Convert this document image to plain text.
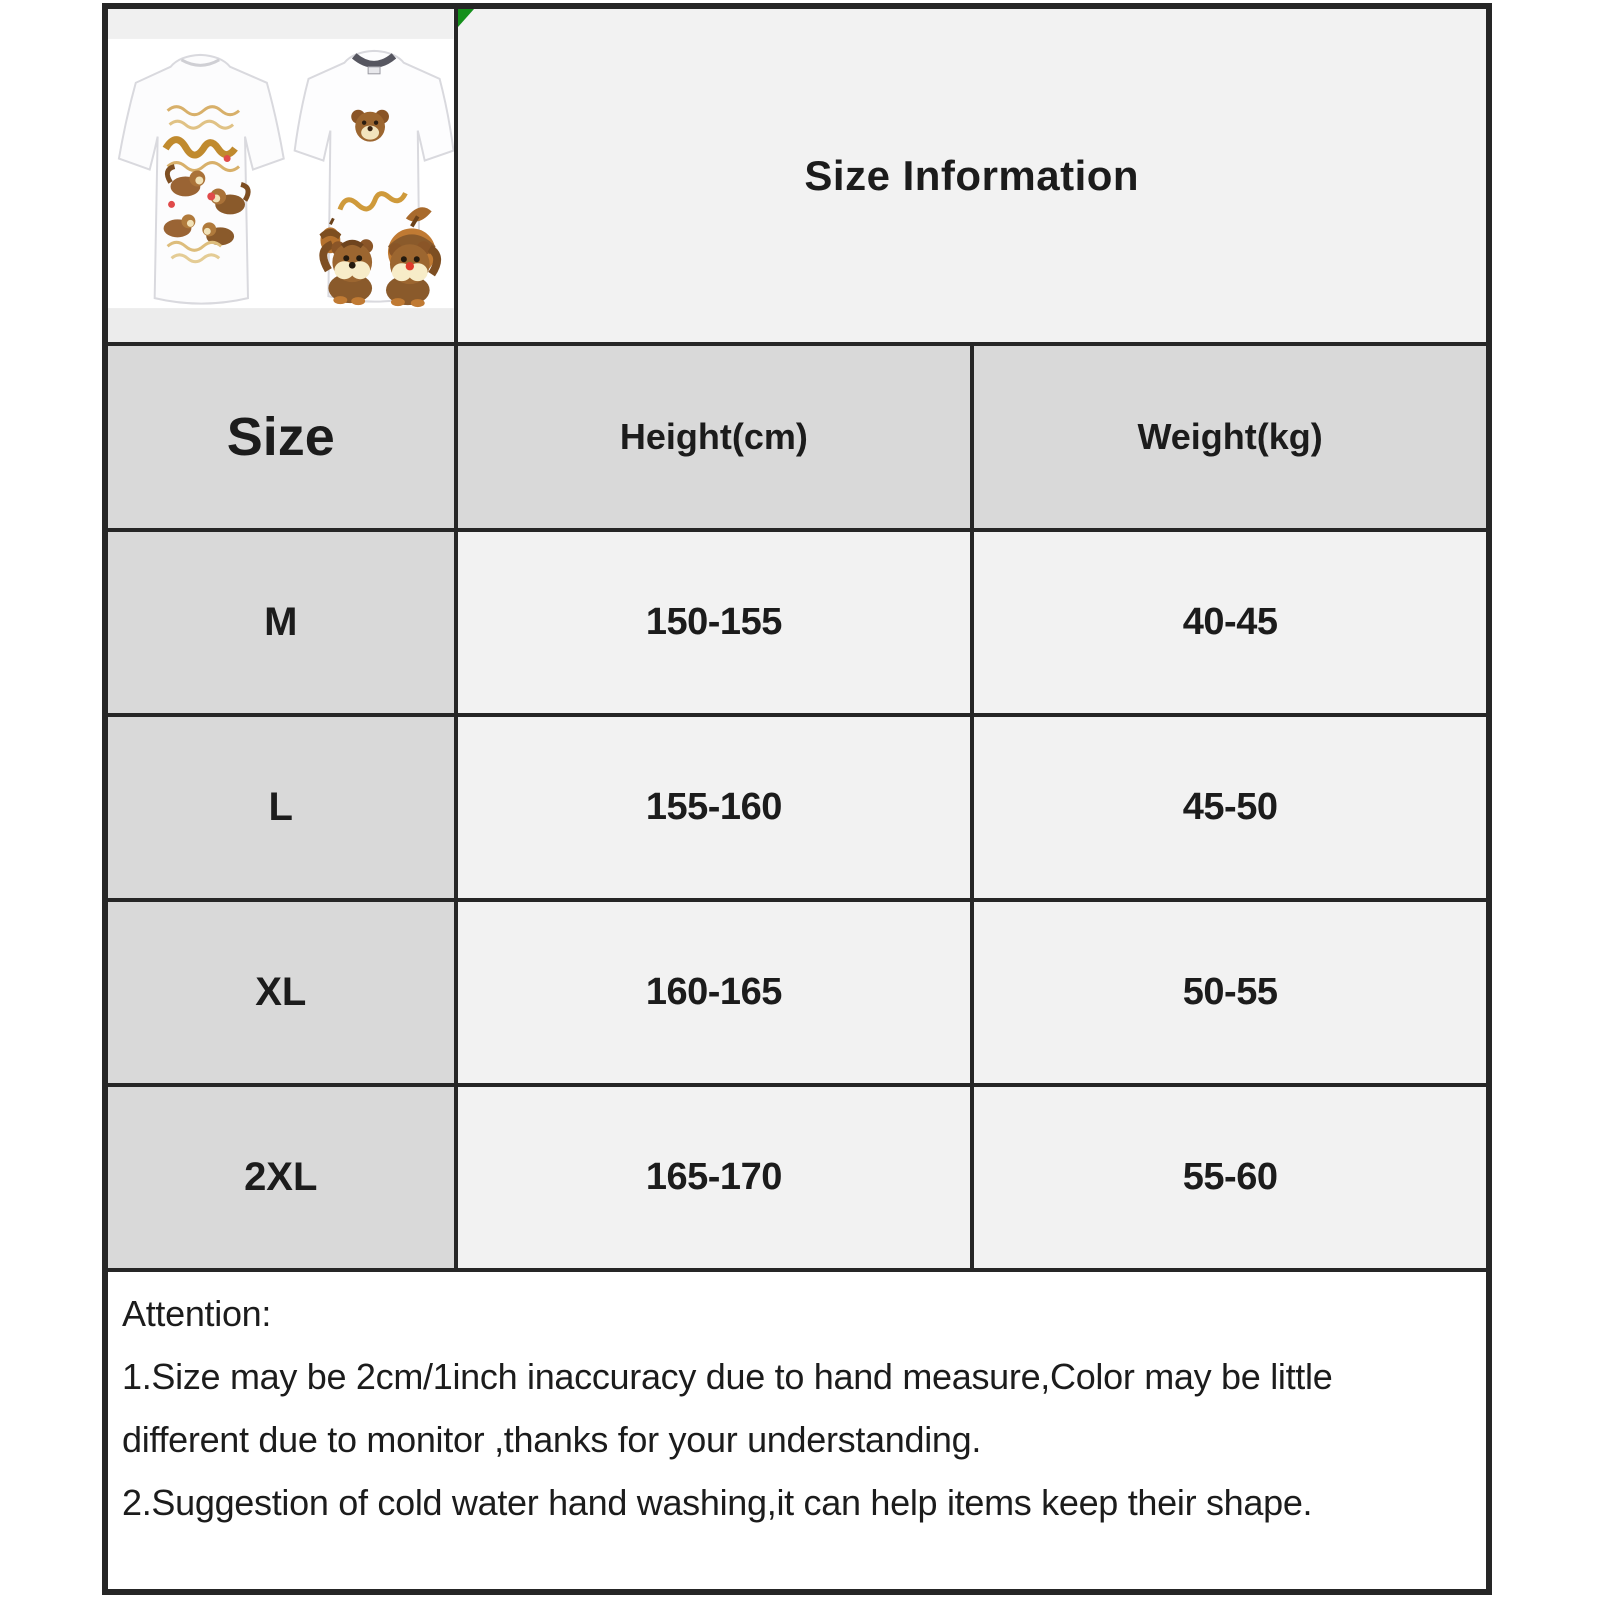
Size Information	
Size	Height(cm)	Weight(kg)
M	150-155	40-45
L	155-160	45-50
XL	160-165	50-55
2XL	165-170	55-60

Attention:
1.Size may be 2cm/1inch inaccuracy due to hand measure,Color may be little
different due to monitor ,thanks for your understanding.
2.Suggestion of cold water hand washing,it can help items keep their shape.		
